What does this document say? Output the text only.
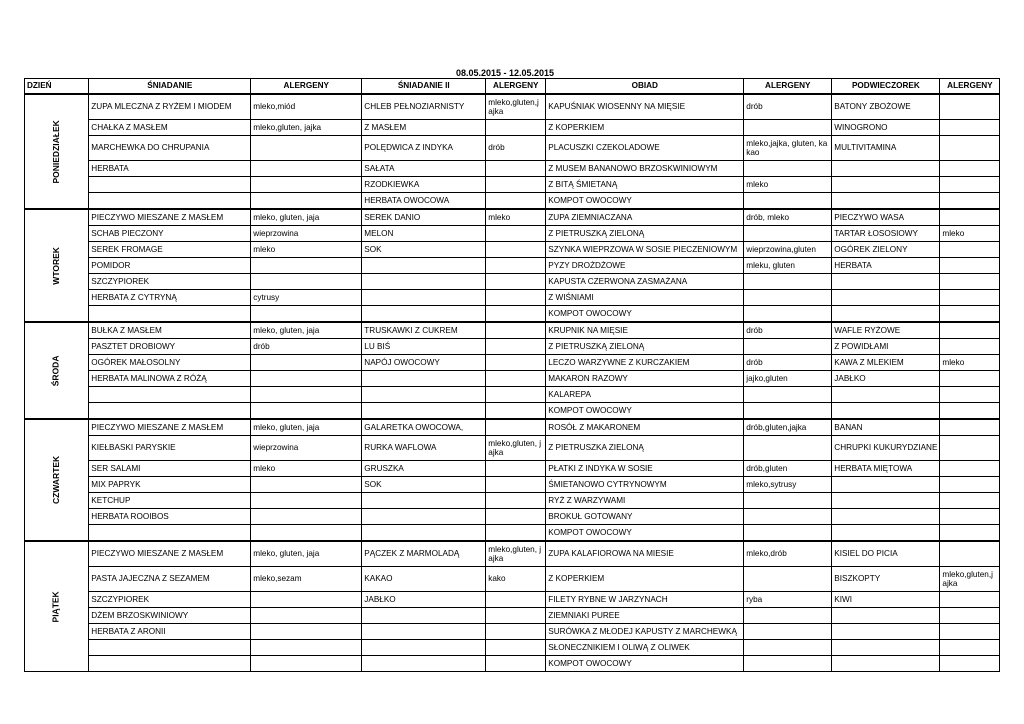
08.05.2015 - 12.05.2015
DZIEŃ	ŚNIADANIE	ALERGENY	ŚNIADANIE II	ALERGENY	OBIAD	ALERGENY	PODWIECZOREK	ALERGENY
PONIEDZIAŁEK	ZUPA MLECZNA Z RYŻEM I MIODEM	mleko,miód	CHLEB PEŁNOZIARNISTY	mleko,gluten,jajka	KAPUŚNIAK WIOSENNY NA MIĘSIE	drób	BATONY ZBOŻOWE	
	CHAŁKA Z MASŁEM	mleko,gluten, jajka	Z MASŁEM		Z KOPERKIEM		WINOGRONO	
	MARCHEWKA DO CHRUPANIA		POLĘDWICA Z INDYKA	drób	PLACUSZKI CZEKOLADOWE	mleko,jajka, gluten, kakao	MULTIVITAMINA	
	HERBATA		SAŁATA		Z MUSEM BANANOWO BRZOSKWINIOWYM			
			RZODKIEWKA		Z BITĄ ŚMIETANĄ	mleko		
			HERBATA OWOCOWA		KOMPOT OWOCOWY			
WTOREK	PIECZYWO MIESZANE Z MASŁEM	mleko, gluten, jaja	SEREK DANIO	mleko	ZUPA ZIEMNIACZANA	drób, mleko	PIECZYWO WASA	
	SCHAB PIECZONY	wieprzowina	MELON		Z PIETRUSZKĄ ZIELONĄ		TARTAR ŁOSOSIOWY	mleko
	SEREK FROMAGE	mleko	SOK		SZYNKA WIEPRZOWA W SOSIE PIECZENIOWYM	wieprzowina,gluten	OGÓREK ZIELONY	
	POMIDOR				PYZY DROŻDŻOWE	mleku, gluten	HERBATA	
	SZCZYPIOREK				KAPUSTA CZERWONA ZASMAŻANA			
	HERBATA Z CYTRYNĄ	cytrusy			Z WIŚNIAMI			
					KOMPOT OWOCOWY			
ŚRODA	BUŁKA Z MASŁEM	mleko, gluten, jaja	TRUSKAWKI Z CUKREM		KRUPNIK NA MIĘSIE	drób	WAFLE RYŻOWE	
	PASZTET DROBIOWY	drób	LU BIŚ		Z PIETRUSZKĄ ZIELONĄ		Z POWIDŁAMI	
	OGÓREK MAŁOSOLNY		NAPÓJ OWOCOWY		LECZO WARZYWNE Z KURCZAKIEM	drób	KAWA Z MLEKIEM	mleko
	HERBATA MALINOWA Z RÓŻĄ				MAKARON RAZOWY	jajko,gluten	JABŁKO	
					KALAREPA			
					KOMPOT OWOCOWY			
CZWARTEK	PIECZYWO MIESZANE Z MASŁEM	mleko, gluten, jaja	GALARETKA OWOCOWA,		ROSÓŁ Z MAKARONEM	drób,gluten,jajka	BANAN	
	KIEŁBASKI PARYSKIE	wieprzowina	RURKA WAFLOWA	mleko,gluten, jajka	Z PIETRUSZKA ZIELONĄ		CHRUPKI KUKURYDZIANE	
	SER SALAMI	mleko	GRUSZKA		PŁATKI Z INDYKA W SOSIE	drób,gluten	HERBATA MIĘTOWA	
	MIX PAPRYK		SOK		ŚMIETANOWO CYTRYNOWYM	mleko,sytrusy		
	KETCHUP				RYŻ Z WARZYWAMI			
	HERBATA ROOIBOS				BROKUŁ GOTOWANY			
					KOMPOT OWOCOWY			
PIĄTEK	PIECZYWO MIESZANE Z MASŁEM	mleko, gluten, jaja	PĄCZEK Z MARMOLADĄ	mleko,gluten, jajka	ZUPA KALAFIOROWA NA MIESIE	mleko,drób	KISIEL DO PICIA	
	PASTA JAJECZNA Z SEZAMEM	mleko,sezam	KAKAO	kako	Z KOPERKIEM		BISZKOPTY	mleko,gluten,jajka
	SZCZYPIOREK		JABŁKO		FILETY RYBNE W JARZYNACH	ryba	KIWI	
	DŻEM BRZOSKWINIOWY				ZIEMNIAKI PUREE			
	HERBATA Z ARONII				SURÓWKA Z MŁODEJ KAPUSTY Z MARCHEWKĄ			
					SŁONECZNIKIEM I OLIWĄ Z OLIWEK			
					KOMPOT OWOCOWY			
